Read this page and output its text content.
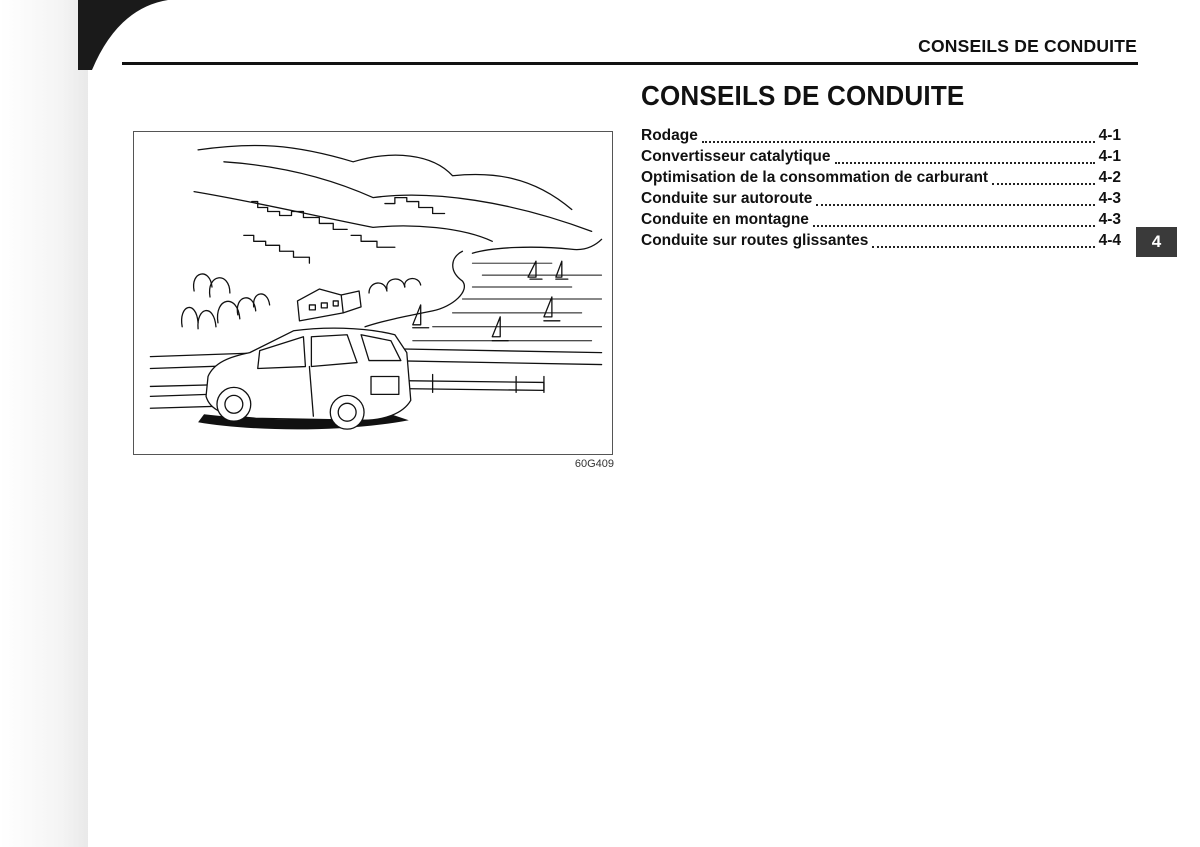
CONSEILS DE CONDUITE
60G409
CONSEILS DE CONDUITE
Rodage	4-1
Convertisseur catalytique	4-1
Optimisation de la consommation de carburant	4-2
Conduite sur autoroute	4-3
Conduite en montagne	4-3
Conduite sur routes glissantes	4-4	4
